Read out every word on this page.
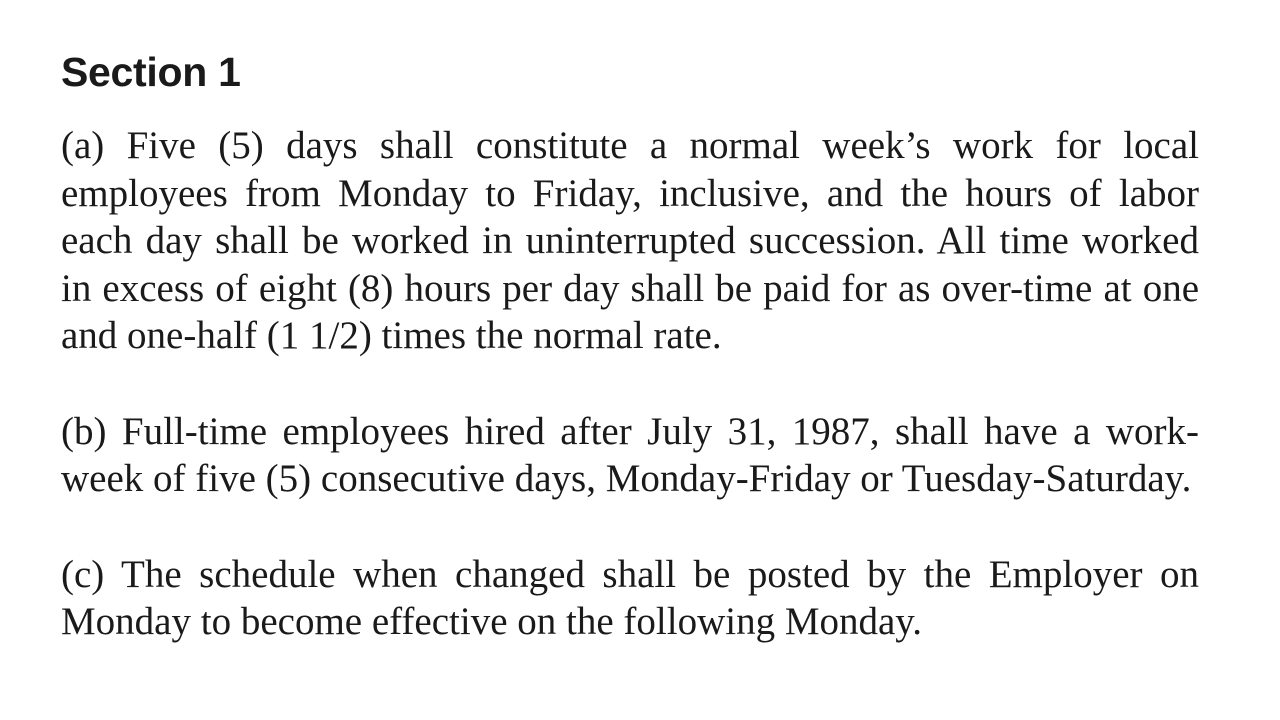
Section 1

(a) Five (5) days shall constitute a normal week’s work for local employees from Monday to Friday, inclusive, and the hours of labor each day shall be worked in uninterrupted succession. All time worked in excess of eight (8) hours per day shall be paid for as over-time at one and one-half (1 1/2) times the normal rate.

(b) Full-time employees hired after July 31, 1987, shall have a work-week of five (5) consecutive days, Monday-Friday or Tuesday-Saturday.

(c) The schedule when changed shall be posted by the Employer on Monday to become effective on the following Monday.
